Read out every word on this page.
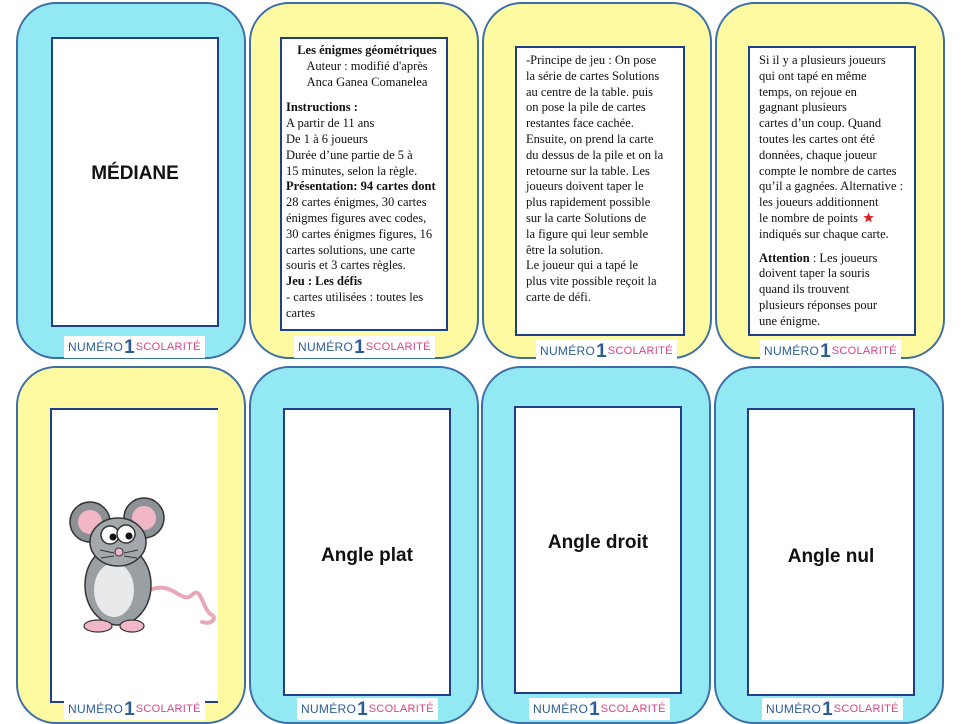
MÉDIANE
NUMÉRO 1 SCOLARITÉ

Les énigmes géométriques

Auteur : modifié d'après

Anca Ganea Comanelea

Instructions :

A partir de 11 ans

De 1 à 6 joueurs

Durée d’une partie de 5 à

15 minutes, selon la règle.

Présentation: 94 cartes dont

28 cartes énigmes, 30 cartes

énigmes figures avec codes,

30 cartes énigmes figures, 16

cartes solutions, une carte

souris et 3 cartes règles.

Jeu : Les défis

- cartes utilisées : toutes les

cartes

NUMÉRO 1 SCOLARITÉ

-Principe de jeu : On pose

la série de cartes Solutions

au centre de la table. puis

on pose la pile de cartes

restantes face cachée.

Ensuite, on prend la carte

du dessus de la pile et on la

retourne sur la table. Les

joueurs doivent taper le

plus rapidement possible

sur la carte Solutions de

la figure qui leur semble

être la solution.

Le joueur qui a tapé le

plus vite possible reçoit la

carte de défi.

NUMÉRO 1 SCOLARITÉ

Si il y a plusieurs joueurs

qui ont tapé en même

temps, on rejoue en

gagnant plusieurs

cartes d’un coup. Quand

toutes les cartes ont été

données, chaque joueur

compte le nombre de cartes

qu’il a gagnées. Alternative :

les joueurs additionnent

le nombre de points

indiqués sur chaque carte.

Attention : Les joueurs

doivent taper la souris

quand ils trouvent

plusieurs réponses pour

une énigme.

NUMÉRO 1 SCOLARITÉ
NUMÉRO 1 SCOLARITÉ
Angle plat
NUMÉRO 1 SCOLARITÉ
Angle droit
NUMÉRO 1 SCOLARITÉ
Angle nul
NUMÉRO 1 SCOLARITÉ
